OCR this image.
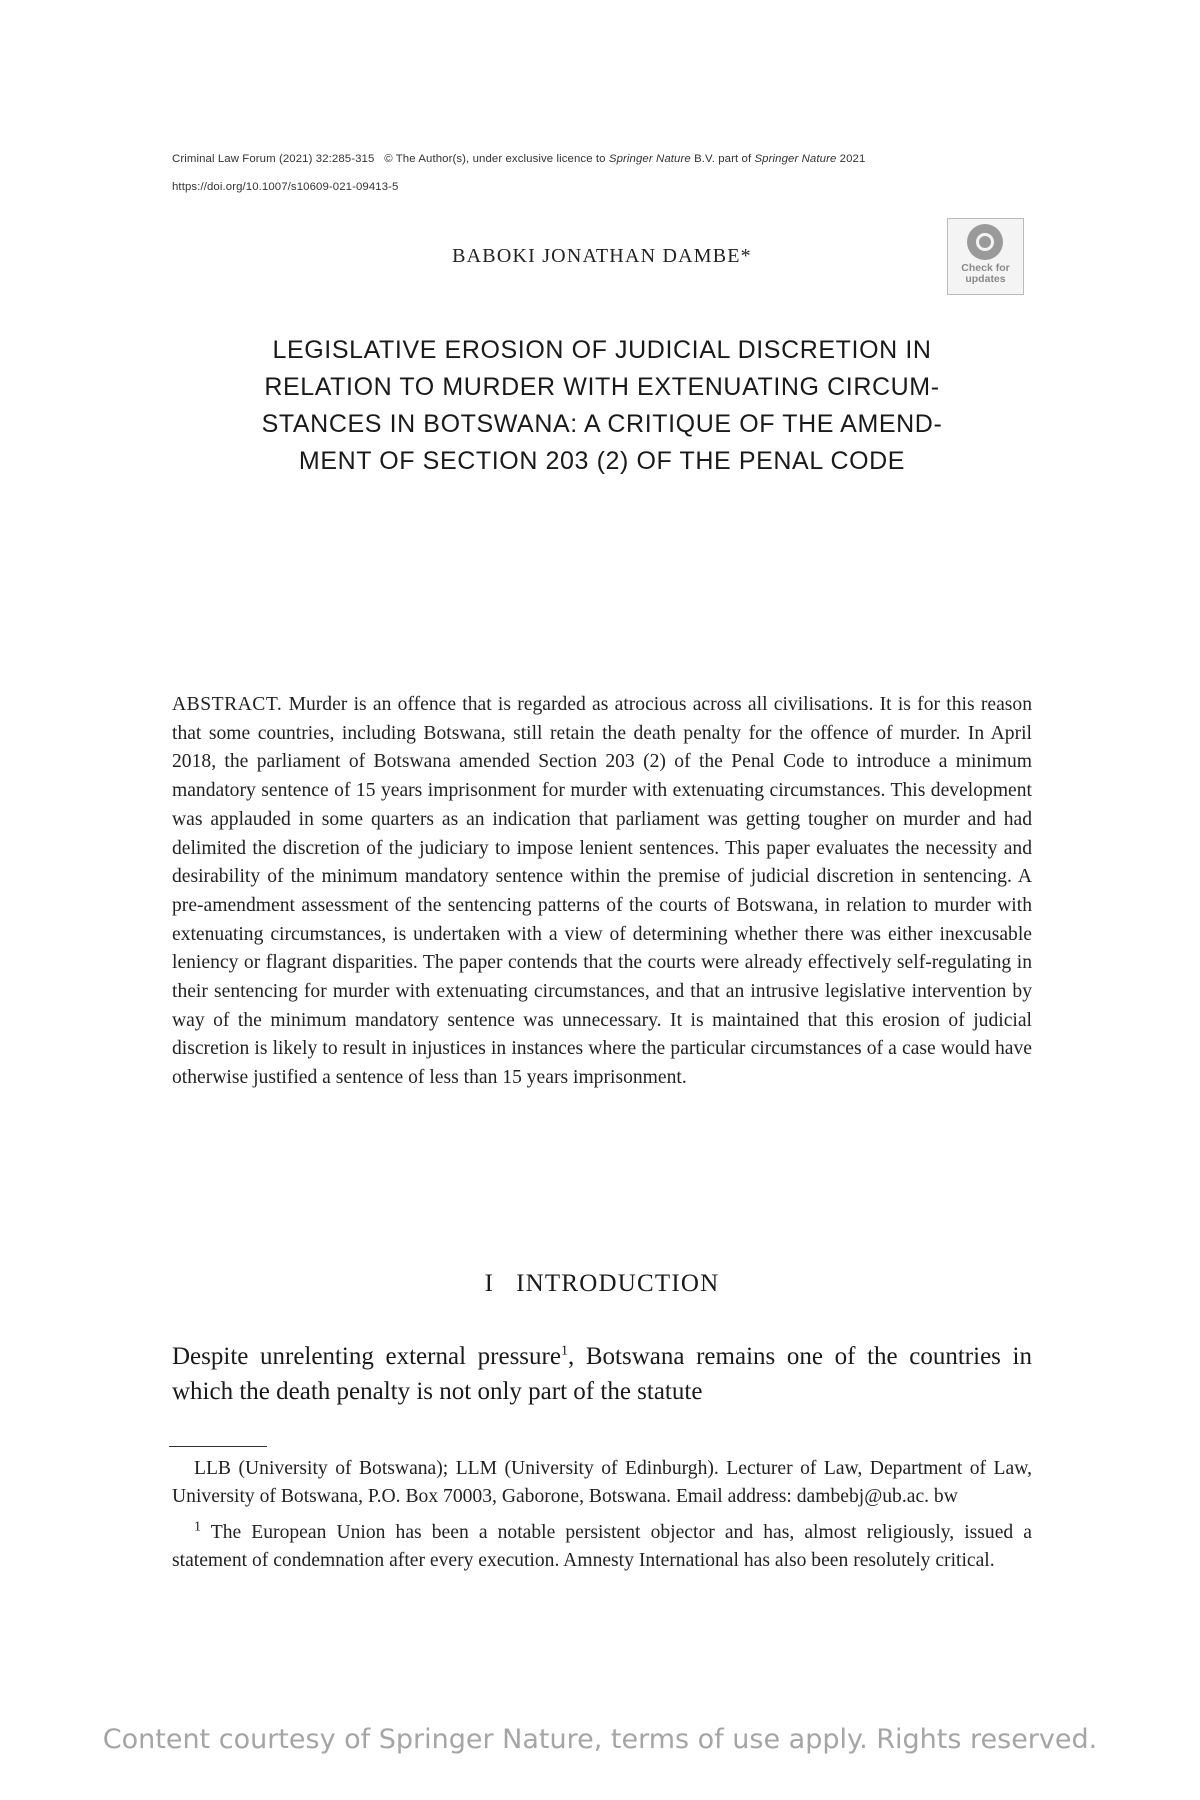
Criminal Law Forum (2021) 32:285-315 © The Author(s), under exclusive licence to Springer Nature B.V. part of Springer Nature 2021
https://doi.org/10.1007/s10609-021-09413-5
BABOKI JONATHAN DAMBE*
Check for
updates
LEGISLATIVE EROSION OF JUDICIAL DISCRETION IN
RELATION TO MURDER WITH EXTENUATING CIRCUM-
STANCES IN BOTSWANA: A CRITIQUE OF THE AMEND-
MENT OF SECTION 203 (2) OF THE PENAL CODE
ABSTRACT. Murder is an offence that is regarded as atrocious across all civilisations. It is for this reason that some countries, including Botswana, still retain the death penalty for the offence of murder. In April 2018, the parliament of Botswana amended Section 203 (2) of the Penal Code to introduce a minimum mandatory sentence of 15 years imprisonment for murder with extenuating circumstances. This development was applauded in some quarters as an indication that parliament was getting tougher on murder and had delimited the discretion of the judiciary to impose lenient sentences. This paper evaluates the necessity and desirability of the minimum mandatory sentence within the premise of judicial discretion in sentencing. A pre-amendment assessment of the sentencing patterns of the courts of Botswana, in relation to murder with extenuating circumstances, is undertaken with a view of determining whether there was either inexcusable leniency or flagrant disparities. The paper contends that the courts were already effectively self-regulating in their sentencing for murder with extenuating circumstances, and that an intrusive legislative intervention by way of the minimum mandatory sentence was unnecessary. It is maintained that this erosion of judicial discretion is likely to result in injustices in instances where the particular circumstances of a case would have otherwise justified a sentence of less than 15 years imprisonment.
I INTRODUCTION
Despite unrelenting external pressure$^1$, Botswana remains one of the countries in which the death penalty is not only part of the statute

LLB (University of Botswana); LLM (University of Edinburgh). Lecturer of Law, Department of Law, University of Botswana, P.O. Box 70003, Gaborone, Botswana. Email address: dambebj@ub.ac. bw

$^1$ The European Union has been a notable persistent objector and has, almost religiously, issued a statement of condemnation after every execution. Amnesty International has also been resolutely critical.

Content courtesy of Springer Nature, terms of use apply. Rights reserved.
